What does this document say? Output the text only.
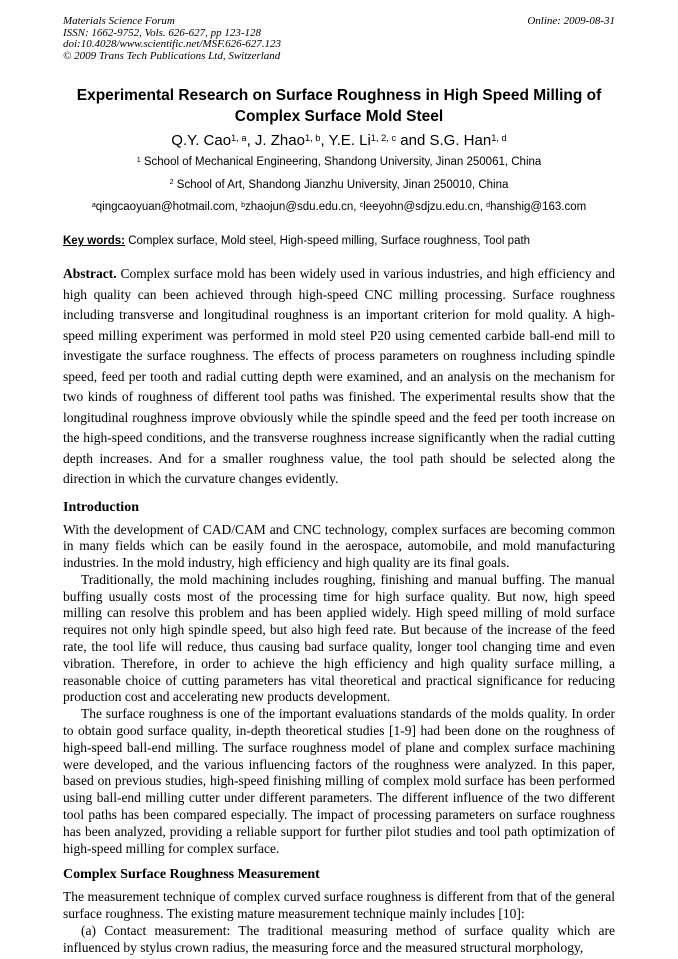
Materials Science Forum
ISSN: 1662-9752, Vols. 626-627, pp 123-128
doi:10.4028/www.scientific.net/MSF.626-627.123
© 2009 Trans Tech Publications Ltd, Switzerland
Online: 2009-08-31
Experimental Research on Surface Roughness in High Speed Milling of
Complex Surface Mold Steel
Q.Y. Cao$^{1, a}$, J. Zhao$^{1, b}$, Y.E. Li$^{1, 2, c}$ and S.G. Han$^{1, d}$
$^1$ School of Mechanical Engineering, Shandong University, Jinan 250061, China
$^2$ School of Art, Shandong Jianzhu University, Jinan 250010, China
$^a$qingcaoyuan@hotmail.com, $^b$zhaojun@sdu.edu.cn, $^c$leeyohn@sdjzu.edu.cn, $^d$hanshig@163.com
Key words: Complex surface, Mold steel, High-speed milling, Surface roughness, Tool path

Abstract. Complex surface mold has been widely used in various industries, and high efficiency and high quality can been achieved through high-speed CNC milling processing. Surface roughness including transverse and longitudinal roughness is an important criterion for mold quality. A high-speed milling experiment was performed in mold steel P20 using cemented carbide ball-end mill to investigate the surface roughness. The effects of process parameters on roughness including spindle speed, feed per tooth and radial cutting depth were examined, and an analysis on the mechanism for two kinds of roughness of different tool paths was finished. The experimental results show that the longitudinal roughness improve obviously while the spindle speed and the feed per tooth increase on the high-speed conditions, and the transverse roughness increase significantly when the radial cutting depth increases. And for a smaller roughness value, the tool path should be selected along the direction in which the curvature changes evidently.

Introduction

With the development of CAD/CAM and CNC technology, complex surfaces are becoming common in many fields which can be easily found in the aerospace, automobile, and mold manufacturing industries. In the mold industry, high efficiency and high quality are its final goals.

Traditionally, the mold machining includes roughing, finishing and manual buffing. The manual buffing usually costs most of the processing time for high surface quality. But now, high speed milling can resolve this problem and has been applied widely. High speed milling of mold surface requires not only high spindle speed, but also high feed rate. But because of the increase of the feed rate, the tool life will reduce, thus causing bad surface quality, longer tool changing time and even vibration. Therefore, in order to achieve the high efficiency and high quality surface milling, a reasonable choice of cutting parameters has vital theoretical and practical significance for reducing production cost and accelerating new products development.

The surface roughness is one of the important evaluations standards of the molds quality. In order to obtain good surface quality, in-depth theoretical studies [1-9] had been done on the roughness of high-speed ball-end milling. The surface roughness model of plane and complex surface machining were developed, and the various influencing factors of the roughness were analyzed. In this paper, based on previous studies, high-speed finishing milling of complex mold surface has been performed using ball-end milling cutter under different parameters. The different influence of the two different tool paths has been compared especially. The impact of processing parameters on surface roughness has been analyzed, providing a reliable support for further pilot studies and tool path optimization of high-speed milling for complex surface.

Complex Surface Roughness Measurement

The measurement technique of complex curved surface roughness is different from that of the general surface roughness. The existing mature measurement technique mainly includes [10]:

(a) Contact measurement: The traditional measuring method of surface quality which are influenced by stylus crown radius, the measuring force and the measured structural morphology,
